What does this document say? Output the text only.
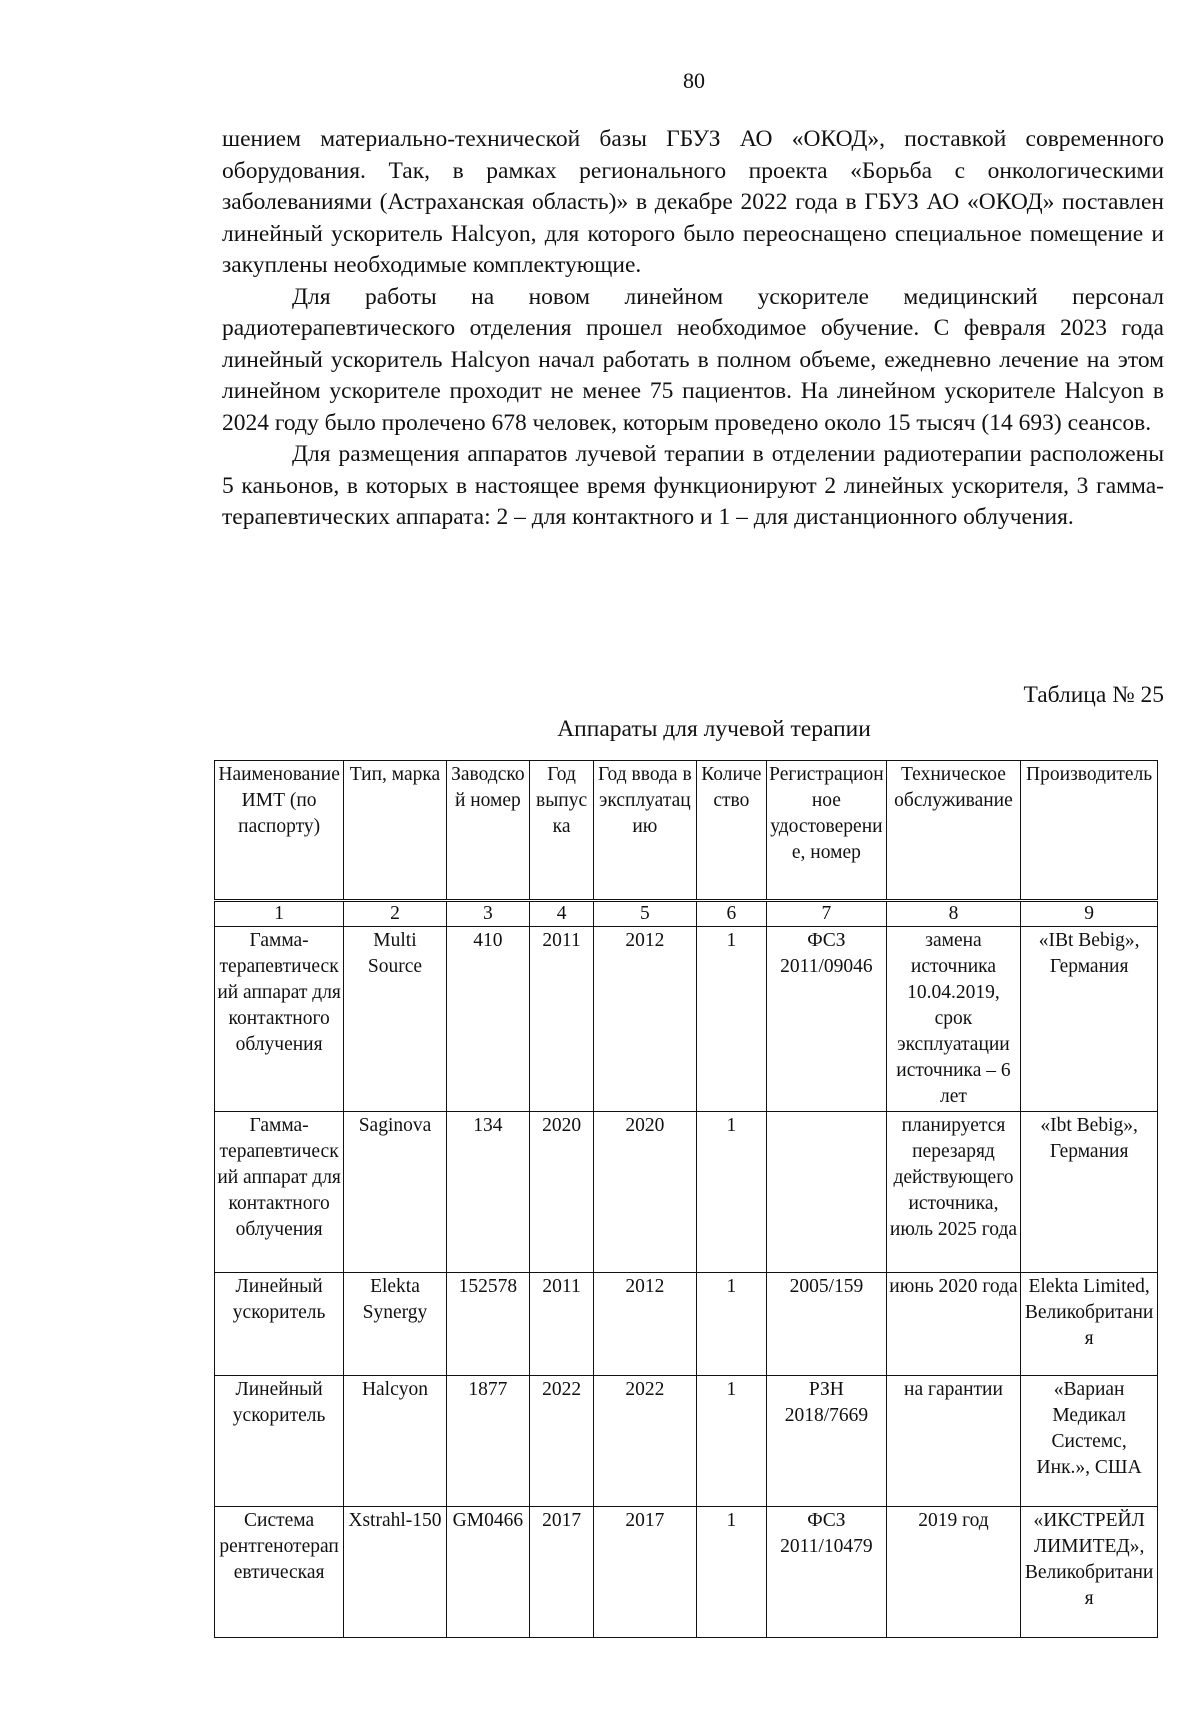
80

шением материально-технической базы ГБУЗ АО «ОКОД», поставкой современного оборудования. Так, в рамках регионального проекта «Борьба с онкологическими заболеваниями (Астраханская область)» в декабре 2022 года в ГБУЗ АО «ОКОД» поставлен линейный ускоритель Halcyon, для которого было переоснащено специальное помещение и закуплены необходимые комплектующие.

Для работы на новом линейном ускорителе медицинский персонал радиотерапевтического отделения прошел необходимое обучение. С февраля 2023 года линейный ускоритель Halcyon начал работать в полном объеме, ежедневно лечение на этом линейном ускорителе проходит не менее 75 пациентов. На линейном ускорителе Halcyon в 2024 году было пролечено 678 человек, которым проведено около 15 тысяч (14 693) сеансов.

Для размещения аппаратов лучевой терапии в отделении радиотерапии расположены 5 каньонов, в которых в настоящее время функционируют 2 линейных ускорителя, 3 гамма-терапевтических аппарата: 2 – для контактного и 1 – для дистанционного облучения.

Таблица № 25
Аппараты для лучевой терапии
Наименование ИМТ (по паспорту)	Тип, марка	Заводской номер	Год выпуска	Год ввода в эксплуатацию	Количество	Регистрационное удостоверение, номер	Техническое обслуживание	Производитель
1	2	3	4	5	6	7	8	9
Гамма-терапевтический аппарат для контактного облучения	Multi Source	410	2011	2012	1	ФСЗ 2011/09046	замена источника 10.04.2019, срок эксплуатации источника – 6 лет	«IBt Bebig», Германия
Гамма-терапевтический аппарат для контактного облучения	Saginova	134	2020	2020	1		планируется перезаряд действующего источника, июль 2025 года	«Ibt Bebig», Германия
Линейный ускоритель	Elekta Synergy	152578	2011	2012	1	2005/159	июнь 2020 года	Elekta Limited, Великобритания
Линейный ускоритель	Halcyon	1877	2022	2022	1	РЗН 2018/7669	на гарантии	«Вариан Медикал Системс, Инк.», США
Система рентгенотерапевтическая	Xstrahl-150	GM0466	2017	2017	1	ФСЗ 2011/10479	2019 год	«ИКСТРЕЙЛ ЛИМИТЕД», Великобритания
